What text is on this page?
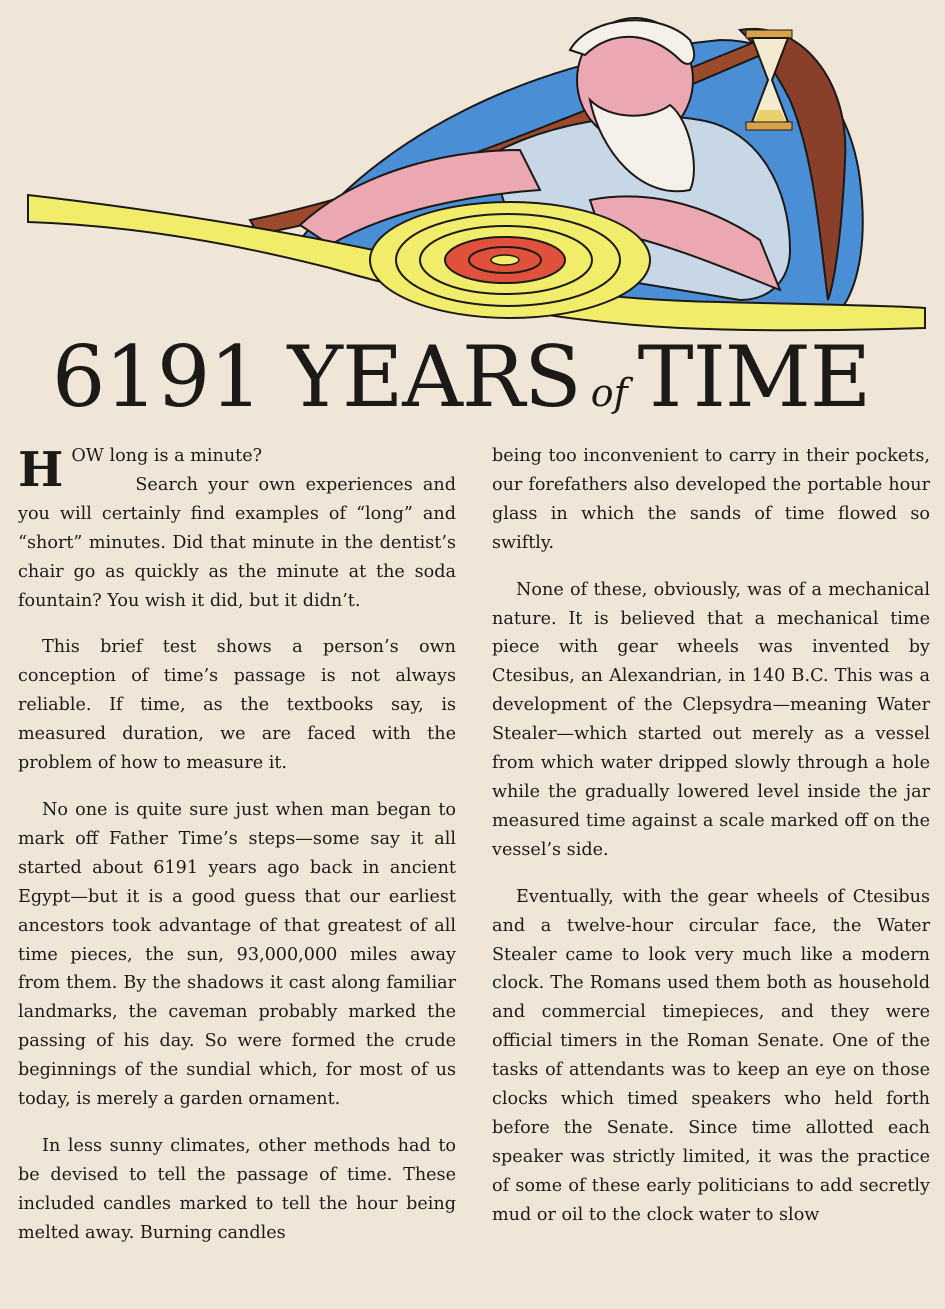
6191
YEARS of TIME

HOW long is a minute?
Search your own experiences and you will certainly find examples of “long” and “short” minutes. Did that minute in the dentist’s chair go as quickly as the minute at the soda fountain? You wish it did, but it didn’t.

This brief test shows a person’s own conception of time’s passage is not always reliable. If time, as the textbooks say, is measured duration, we are faced with the problem of how to measure it.

No one is quite sure just when man began to mark off Father Time’s steps—some say it all started about 6191 years ago back in ancient Egypt—but it is a good guess that our earliest ancestors took advantage of that greatest of all time pieces, the sun, 93,000,000 miles away from them. By the shadows it cast along familiar landmarks, the caveman probably marked the passing of his day. So were formed the crude beginnings of the sundial which, for most of us today, is merely a garden ornament.

In less sunny climates, other methods had to be devised to tell the passage of time. These included candles marked to tell the hour being melted away. Burning candles

being too inconvenient to carry in their pockets, our forefathers also developed the portable hour glass in which the sands of time flowed so swiftly.

None of these, obviously, was of a mechanical nature. It is believed that a mechanical time piece with gear wheels was invented by Ctesibus, an Alexandrian, in 140 B.C. This was a development of the Clepsydra—meaning Water Stealer—which started out merely as a vessel from which water dripped slowly through a hole while the gradually lowered level inside the jar measured time against a scale marked off on the vessel’s side.

Eventually, with the gear wheels of Ctesibus and a twelve-hour circular face, the Water Stealer came to look very much like a modern clock. The Romans used them both as household and commercial timepieces, and they were official timers in the Roman Senate. One of the tasks of attendants was to keep an eye on those clocks which timed speakers who held forth before the Senate. Since time allotted each speaker was strictly limited, it was the practice of some of these early politicians to add secretly mud or oil to the clock water to slow
